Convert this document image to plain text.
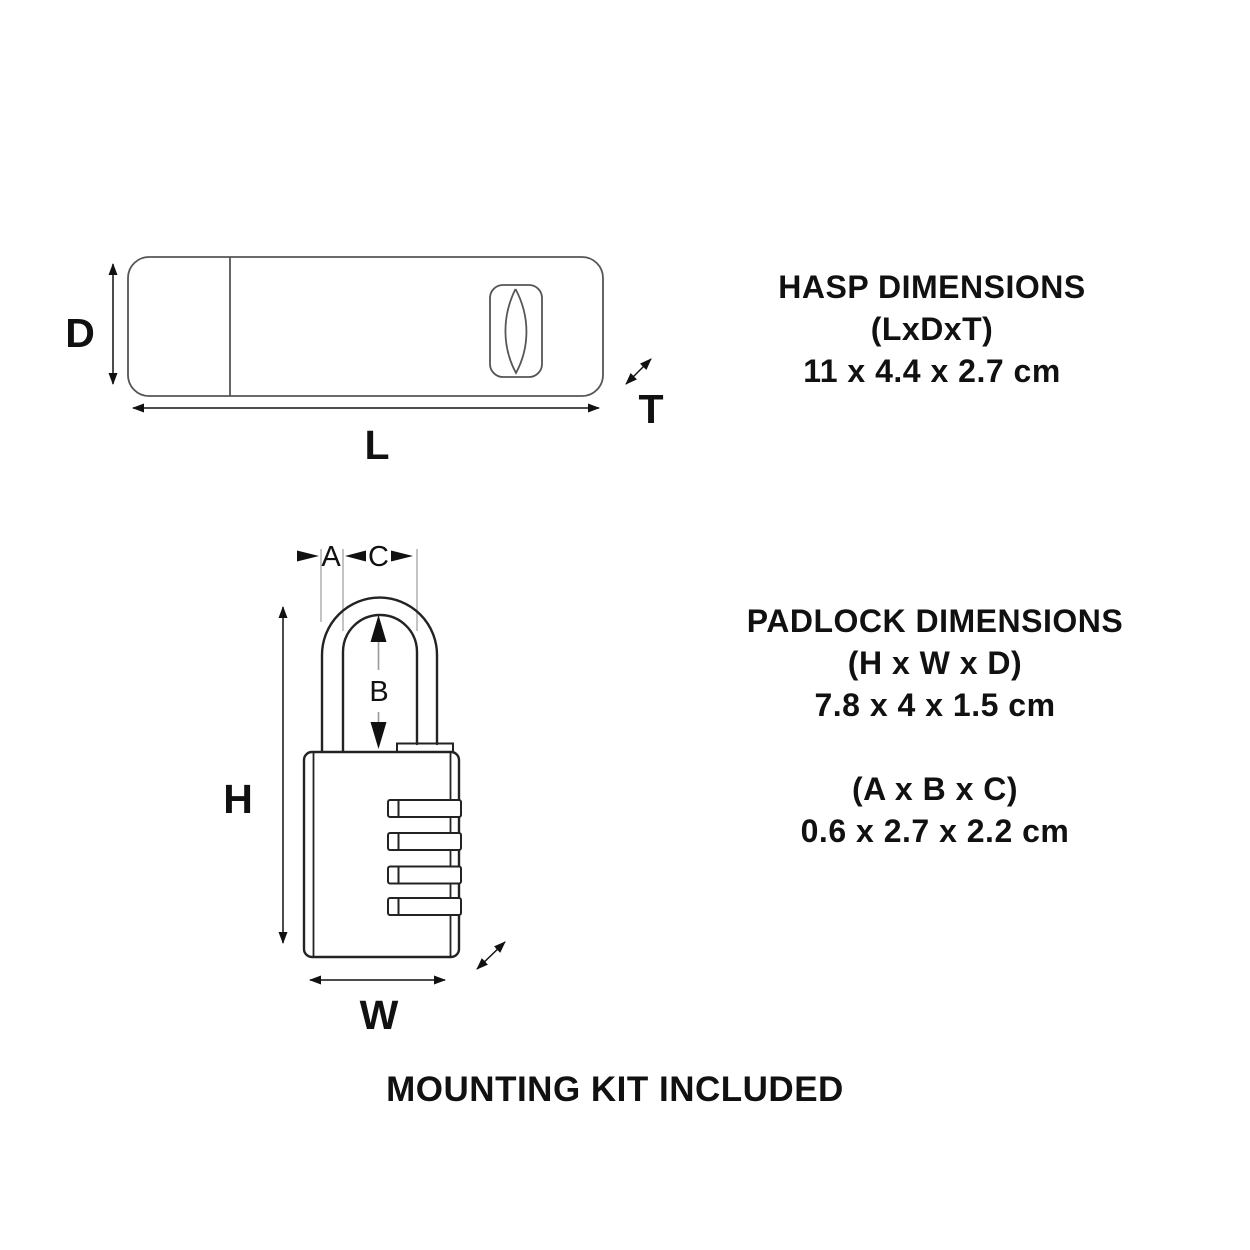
D
L
T
A C
B
H
W
HASP DIMENSIONS
(LxDxT)
11 x 4.4 x 2.7 cm
PADLOCK DIMENSIONS
(H x W x D)
7.8 x 4 x 1.5 cm
(A x B x C)
0.6 x 2.7 x 2.2 cm
MOUNTING KIT INCLUDED
